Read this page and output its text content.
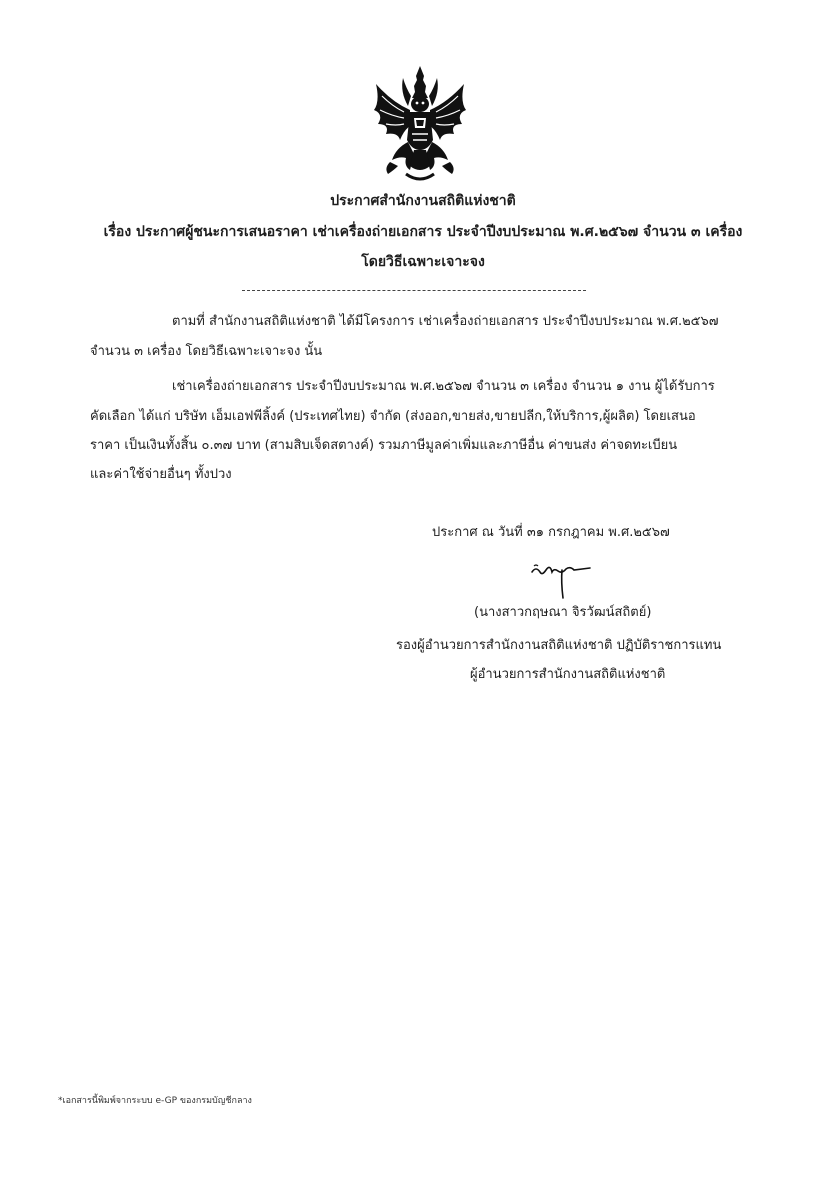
ประกาศสำนักงานสถิติแห่งชาติ
เรื่อง ประกาศผู้ชนะการเสนอราคา เช่าเครื่องถ่ายเอกสาร ประจำปีงบประมาณ พ.ศ.๒๕๖๗ จำนวน ๓ เครื่อง
โดยวิธีเฉพาะเจาะจง
ตามที่ สำนักงานสถิติแห่งชาติ ได้มีโครงการ เช่าเครื่องถ่ายเอกสาร ประจำปีงบประมาณ พ.ศ.๒๕๖๗
จำนวน ๓ เครื่อง โดยวิธีเฉพาะเจาะจง นั้น
เช่าเครื่องถ่ายเอกสาร ประจำปีงบประมาณ พ.ศ.๒๕๖๗ จำนวน ๓ เครื่อง จำนวน ๑ งาน ผู้ได้รับการ
คัดเลือก ได้แก่ บริษัท เอ็มเอฟพีลิ้งค์ (ประเทศไทย) จำกัด (ส่งออก,ขายส่ง,ขายปลีก,ให้บริการ,ผู้ผลิต) โดยเสนอ
ราคา เป็นเงินทั้งสิ้น ๐.๓๗ บาท (สามสิบเจ็ดสตางค์) รวมภาษีมูลค่าเพิ่มและภาษีอื่น ค่าขนส่ง ค่าจดทะเบียน
และค่าใช้จ่ายอื่นๆ ทั้งปวง
ประกาศ ณ วันที่ ๓๑ กรกฎาคม พ.ศ.๒๕๖๗
(นางสาวกฤษณา จิรวัฒน์สถิตย์)
รองผู้อำนวยการสำนักงานสถิติแห่งชาติ ปฏิบัติราชการแทน
ผู้อำนวยการสำนักงานสถิติแห่งชาติ
*เอกสารนี้พิมพ์จากระบบ e-GP ของกรมบัญชีกลาง
